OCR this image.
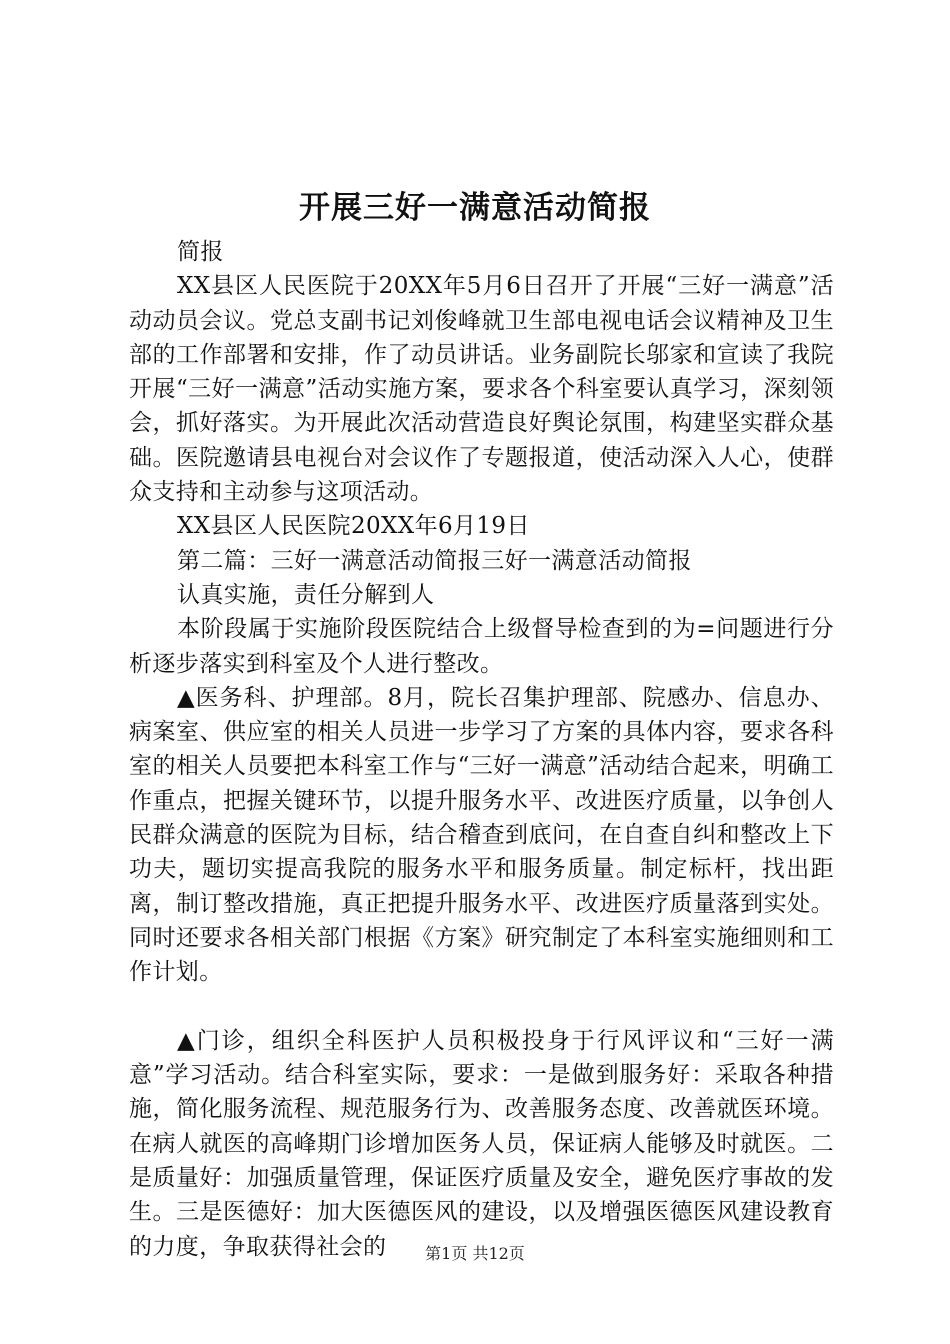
开展三好一满意活动简报

简报

XX县区人民医院于20XX年5月6日召开了开展“三好一满意”活动动员会议。党总支副书记刘俊峰就卫生部电视电话会议精神及卫生部的工作部署和安排，作了动员讲话。业务副院长邬家和宣读了我院开展“三好一满意”活动实施方案，要求各个科室要认真学习，深刻领会，抓好落实。为开展此次活动营造良好舆论氛围，构建坚实群众基础。医院邀请县电视台对会议作了专题报道，使活动深入人心，使群众支持和主动参与这项活动。

XX县区人民医院20XX年6月19日

第二篇：三好一满意活动简报三好一满意活动简报

认真实施，责任分解到人

本阶段属于实施阶段医院结合上级督导检查到的为=问题进行分析逐步落实到科室及个人进行整改。

▲医务科、护理部。8月，院长召集护理部、院感办、信息办、病案室、供应室的相关人员进一步学习了方案的具体内容，要求各科室的相关人员要把本科室工作与“三好一满意”活动结合起来，明确工作重点，把握关键环节，以提升服务水平、改进医疗质量，以争创人民群众满意的医院为目标，结合稽查到底问，在自查自纠和整改上下功夫，题切实提高我院的服务水平和服务质量。制定标杆，找出距离，制订整改措施，真正把提升服务水平、改进医疗质量落到实处。同时还要求各相关部门根据《方案》研究制定了本科室实施细则和工作计划。

▲门诊，组织全科医护人员积极投身于行风评议和“三好一满意”学习活动。结合科室实际，要求：一是做到服务好：采取各种措施，简化服务流程、规范服务行为、改善服务态度、改善就医环境。在病人就医的高峰期门诊增加医务人员，保证病人能够及时就医。二是质量好：加强质量管理，保证医疗质量及安全，避免医疗事故的发生。三是医德好：加大医德医风的建设，以及增强医德医风建设教育的力度，争取获得社会的	第1页 共12页
